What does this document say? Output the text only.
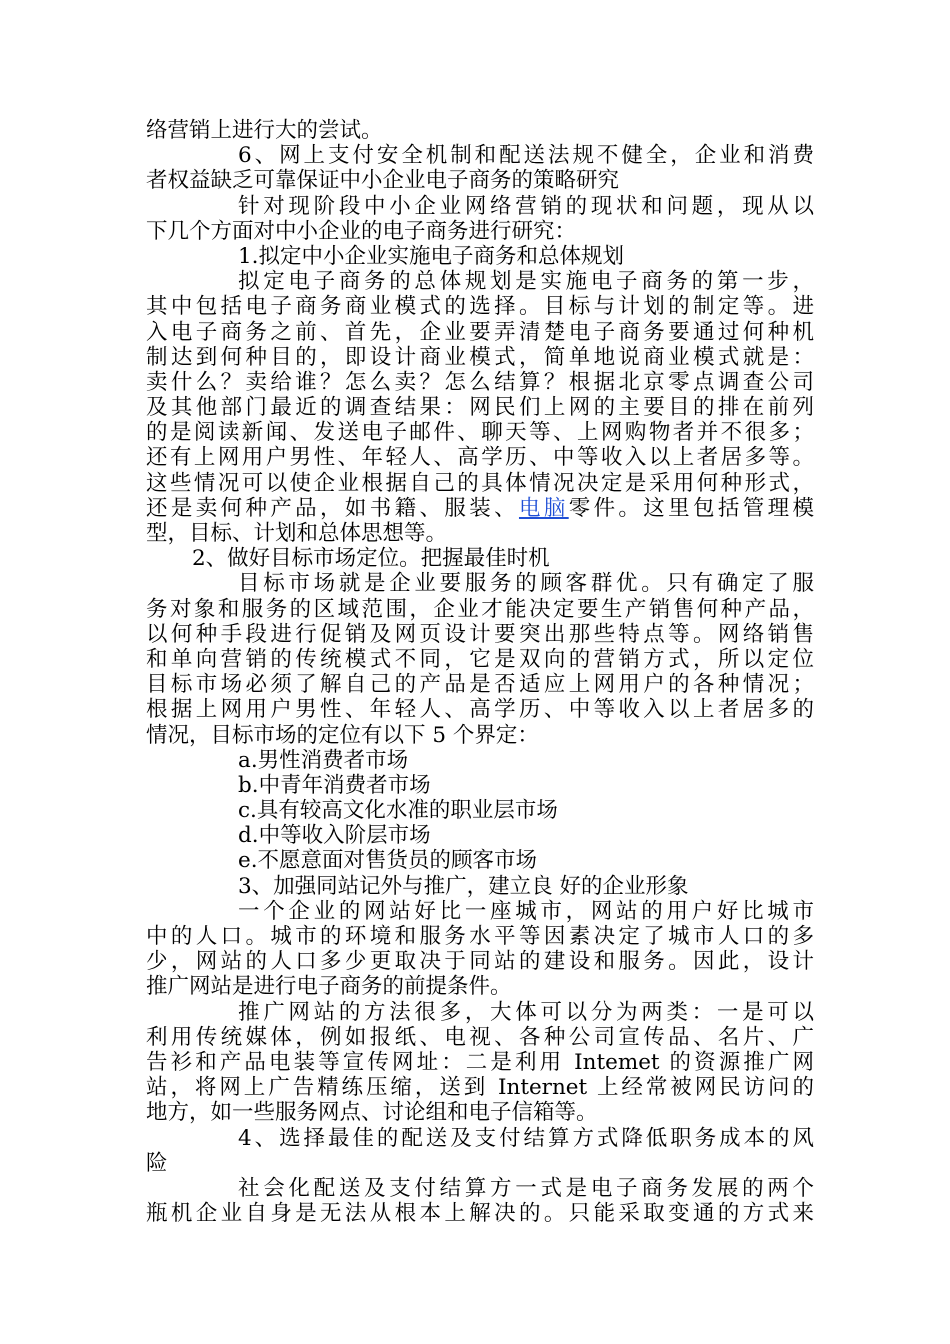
络营销上进行大的尝试。
6、网上支付安全机制和配送法规不健全，企业和消费
者权益缺乏可靠保证中小企业电子商务的策略研究
针对现阶段中小企业网络营销的现状和问题，现从以
下几个方面对中小企业的电子商务进行研究：
1.拟定中小企业实施电子商务和总体规划
拟定电子商务的总体规划是实施电子商务的第一步，
其中包括电子商务商业模式的选择。目标与计划的制定等。进
入电子商务之前、首先，企业要弄清楚电子商务要通过何种机
制达到何种目的，即设计商业模式，简单地说商业模式就是：
卖什么？卖给谁？怎么卖？怎么结算？根据北京零点调查公司
及其他部门最近的调查结果：网民们上网的主要目的排在前列
的是阅读新闻、发送电子邮件、聊天等、上网购物者并不很多；
还有上网用户男性、年轻人、高学历、中等收入以上者居多等。
这些情况可以使企业根据自己的具体情况决定是采用何种形式，
还是卖何种产品，如书籍、服装、电脑零件。这里包括管理模
型，目标、计划和总体思想等。
2、做好目标市场定位。把握最佳时机
目标市场就是企业要服务的顾客群优。只有确定了服
务对象和服务的区域范围，企业才能决定要生产销售何种产品，
以何种手段进行促销及网页设计要突出那些特点等。网络销售
和单向营销的传统模式不同，它是双向的营销方式，所以定位
目标市场必须了解自己的产品是否适应上网用户的各种情况；
根据上网用户男性、年轻人、高学历、中等收入以上者居多的
情况，目标市场的定位有以下 5 个界定：
a.男性消费者市场
b.中青年消费者市场
c.具有较高文化水准的职业层市场
d.中等收入阶层市场
e.不愿意面对售货员的顾客市场
3、加强同站记外与推广，建立良 好的企业形象
一个企业的网站好比一座城市，网站的用户好比城市
中的人口。城市的环境和服务水平等因素决定了城市人口的多
少，网站的人口多少更取决于同站的建设和服务。因此，设计
推广网站是进行电子商务的前提条件。
推广网站的方法很多，大体可以分为两类：一是可以
利用传统媒体，例如报纸、电视、各种公司宣传品、名片、广
告衫和产品电装等宣传网址：二是利用 Intemet 的资源推广网
站，将网上广告精练压缩，送到 Internet 上经常被网民访问的
地方，如一些服务网点、讨论组和电子信箱等。
4、选择最佳的配送及支付结算方式降低职务成本的风
险
社会化配送及支付结算方一式是电子商务发展的两个
瓶机企业自身是无法从根本上解决的。只能采取变通的方式来
